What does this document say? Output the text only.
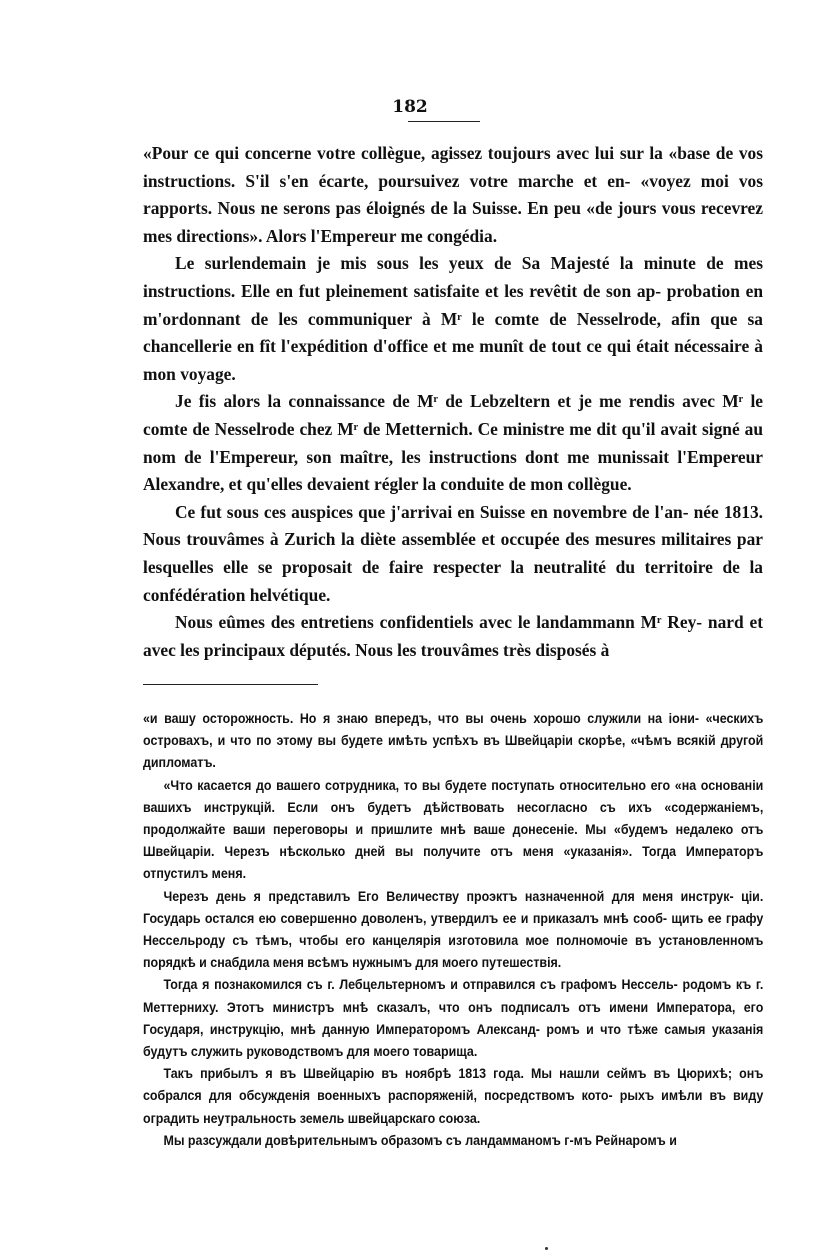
182

«Pour ce qui concerne votre collègue, agissez toujours avec lui sur la «base de vos instructions. S'il s'en écarte, poursuivez votre marche et en- «voyez moi vos rapports. Nous ne serons pas éloignés de la Suisse. En peu «de jours vous recevrez mes directions». Alors l'Empereur me congédia.

Le surlendemain je mis sous les yeux de Sa Majesté la minute de mes instructions. Elle en fut pleinement satisfaite et les revêtit de son ap- probation en m'ordonnant de les communiquer à Mʳ le comte de Nesselrode, afin que sa chancellerie en fît l'expédition d'office et me munît de tout ce qui était nécessaire à mon voyage.

Je fis alors la connaissance de Mʳ de Lebzeltern et je me rendis avec Mʳ le comte de Nesselrode chez Mʳ de Metternich. Ce ministre me dit qu'il avait signé au nom de l'Empereur, son maître, les instructions dont me munissait l'Empereur Alexandre, et qu'elles devaient régler la conduite de mon collègue.

Ce fut sous ces auspices que j'arrivai en Suisse en novembre de l'an- née 1813. Nous trouvâmes à Zurich la diète assemblée et occupée des mesures militaires par lesquelles elle se proposait de faire respecter la neutralité du territoire de la confédération helvétique.

Nous eûmes des entretiens confidentiels avec le landammann Mʳ Rey- nard et avec les principaux députés. Nous les trouvâmes très disposés à

«и вашу осторожность. Но я знаю впередъ, что вы очень хорошо служили на іони- «ческихъ островахъ, и что по этому вы будете имѣть успѣхъ въ Швейцаріи скорѣе, «чѣмъ всякій другой дипломатъ.

«Что касается до вашего сотрудника, то вы будете поступать относительно его «на основаніи вашихъ инструкцій. Если онъ будетъ дѣйствовать несогласно съ ихъ «содержаніемъ, продолжайте ваши переговоры и пришлите мнѣ ваше донесеніе. Мы «будемъ недалеко отъ Швейцаріи. Черезъ нѣсколько дней вы получите отъ меня «указанія». Тогда Императоръ отпустилъ меня.

Черезъ день я представилъ Его Величеству проэктъ назначенной для меня инструк- ціи. Государь остался ею совершенно доволенъ, утвердилъ ее и приказалъ мнѣ сооб- щить ее графу Нессельроду съ тѣмъ, чтобы его канцелярія изготовила мое полномочіе въ установленномъ порядкѣ и снабдила меня всѣмъ нужнымъ для моего путешествія.

Тогда я познакомился съ г. Лебцельтерномъ и отправился съ графомъ Нессель- родомъ къ г. Меттерниху. Этотъ министръ мнѣ сказалъ, что онъ подписалъ отъ имени Императора, его Государя, инструкцію, мнѣ данную Императоромъ Александ- ромъ и что тѣже самыя указанія будутъ служить руководствомъ для моего товарища.

Такъ прибылъ я въ Швейцарію въ ноябрѣ 1813 года. Мы нашли сеймъ въ Цюрихѣ; онъ собрался для обсужденія военныхъ распоряженій, посредствомъ кото- рыхъ имѣли въ виду оградить неутральность земель швейцарскаго союза.

Мы разсуждали довѣрительнымъ образомъ съ ландамманомъ г-мъ Рейнаромъ и
